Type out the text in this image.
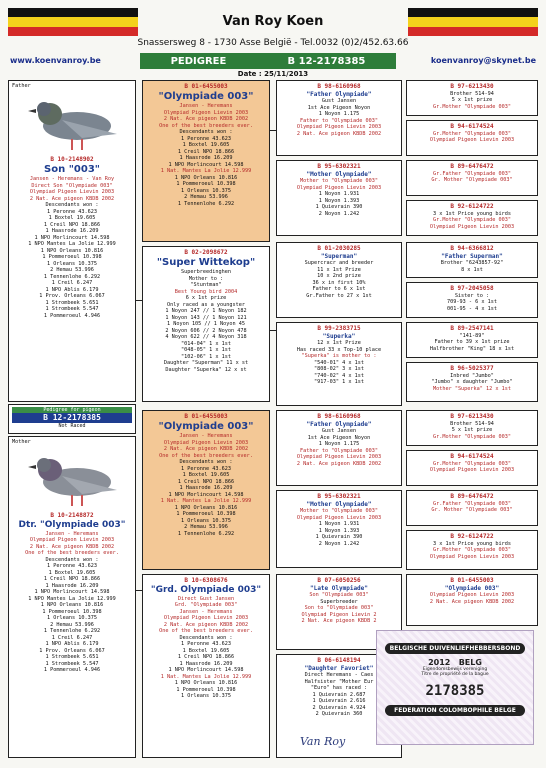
Van Roy Koen
Snassersweg 8 - 1730 Asse België - Tel.0032 (0)2/452.63.66
www.koenvanroy.be	koenvanroy@skynet.be
PEDIGREE	B 12-2178385
Date : 25/11/2013
Father
B 10-2148902
Son "003"
Jansen - Heremans - Van Roy
Direct Son "Olympiade 003"
Olympiad Pigeon Lievin 2003
2 Nat. Ace pigeon KBDB 2002
Descendants won :
1 Peronne 43.623
1 Boxtel 19.605
1 Creil NPO 18.866
1 Haasrode 16.209
1 NPO Morlincourt 14.598
1 NPO Mantes La Jolie 12.999
1 NPO Orleans 10.816
1 Pommeroeul 10.398
1 Orleans 10.375
2 Hemau 53.996
1 Tennenlohe 6.292
1 Creil 6.247
1 NPO Ablis 6.179
1 Prov. Orleans 6.067
1 Strombeek 5.651
1 Strombeek 5.547
1 Pommeroeul 4.946
Pedigree for pigeon
B 12-2178385
Not Raced
Mother
B 10-2148872
Dtr. "Olympiade 003"
Jansen - Heremans
Olympiad Pigeon Lievin 2003
2 Nat. Ace pigeon KBDB 2002
One of the best breeders ever.
Descendants won :
1 Peronne 43.623
1 Boxtel 19.605
1 Creil NPO 18.866
1 Haasrode 16.209
1 NPO Morlincourt 14.598
1 NPO Mantes La Jolie 12.999
1 NPO Orleans 10.816
1 Pommeroeul 10.398
1 Orleans 10.375
2 Hemau 53.996
1 Tennenlohe 6.292
1 Creil 6.247
1 NPO Ablis 6.179
1 Prov. Orleans 6.067
1 Strombeek 5.651
1 Strombeek 5.547
1 Pommeroeul 4.946
B 01-6455003
"Olympiade 003"
Jansen - Heremans
Olympiad Pigeon Lievin 2003
2 Nat. Ace pigeon KBDB 2002
One of the best breeders ever.
Descendants won :
1 Peronne 43.623
1 Boxtel 19.605
1 Creil NPO 18.866
1 Haasrode 16.209
1 NPO Morlincourt 14.598
1 Nat. Mantes La Jolie 12.999
1 NPO Orleans 10.816
1 Pommeroeul 10.398
1 Orleans 10.375
2 Hemau 53.996
1 Tennenlohe 6.292
B 02-2098672
"Super Wittekop"
Superbreedinghen
Mother to :
"Stuntman"
Best Young bird 2004
6 x 1st prize
Only raced as a youngster
1 Noyon 247 // 1 Noyon 182
1 Noyon 143 // 1 Noyon 121
1 Noyon 105 // 1 Noyon 45
2 Noyon 606 // 2 Noyon 478
4 Noyon 622 // 4 Noyon 318
"014-04" 1 x 1st
"048-05" 1 x 1st
"102-06" 1 x 1st
Daughter "Superman" 11 x st
Daughter "Superka" 12 x st
B 01-6455003
"Olympiade 003"
Jansen - Heremans
Olympiad Pigeon Lievin 2003
2 Nat. Ace pigeon KBDB 2002
One of the best breeders ever.
Descendants won :
1 Peronne 43.623
1 Boxtel 19.605
1 Creil NPO 18.866
1 Haasrode 16.209
1 NPO Morlincourt 14.598
1 Nat. Mantes La Jolie 12.999
1 NPO Orleans 10.816
1 Pommeroeul 10.398
1 Orleans 10.375
2 Hemau 53.996
1 Tennenlohe 6.292
B 10-6308676
"Grd. Olympiade 003"
Direct Gust Jansen
Grd. "Olympiade 003"
Jansen - Heremans
Olympiad Pigeon Lievin 2003
2 Nat. Ace pigeon KBDB 2002
One of the best breeders ever.
Descendants won :
1 Peronne 43.623
1 Boxtel 19.605
1 Creil NPO 18.866
1 Haasrode 16.209
1 NPO Morlincourt 14.598
1 Nat. Mantes La Jolie 12.999
1 NPO Orleans 10.816
1 Pommeroeul 10.398
1 Orleans 10.375
B 98-6160968
"Father Olympiade"
Gust Jansen
1st Ace Pigeon Noyon
1 Noyon 1.175
Father to "Olympiade 003"
Olympiad Pigeon Lievin 2003
2 Nat. Ace pigeon KBDB 2002
B 95-6302321
"Mother Olympiade"
Mother to "Olympiade 003"
Olympiad Pigeon Lievin 2003
1 Noyon 1.931
1 Noyon 1.393
1 Quievrain 390
2 Noyon 1.242
B 01-2030285
"Superman"
Supercracr and breeder
11 x 1st Prize
10 x 2nd prize
36 x in first 10%
Father to 6 x 1st
Gr.Father to 27 x 1st
B 99-2383715
"Superka"
12 x 1st Prize
Has raced 33 x Top-10 place
"Superka" is mother to :
"540-01" 4 x 1st
"808-02" 3 x 1st
"740-02" 4 x 1st
"917-03" 1 x 1st
B 98-6160968
"Father Olympiade"
Gust Jansen
1st Ace Pigeon Noyon
1 Noyon 1.175
Father to "Olympiade 003"
Olympiad Pigeon Lievin 2003
2 Nat. Ace pigeon KBDB 2002
B 95-6302321
"Mother Olympiade"
Mother to "Olympiade 003"
Olympiad Pigeon Lievin 2003
1 Noyon 1.931
1 Noyon 1.393
1 Quievrain 390
2 Noyon 1.242
B 07-6050256
"Late Olympiade"
Son "Olympiade 003"
Superbreeder
Son to "Olympiade 003"
Olympiad Pigeon Lievin 2
2 Nat. Ace pigeon KBDB 2
B 06-6148194
"Daughter Favoriet"
Direct Heremans - Caes
Halfsister "Mother Eur
"Euro" has raced :
1 Quievrain 2.687
1 Quievrain 2.616
2 Quievrain 4.924
2 Quievrain 360
B 97-6213430
Brother 514-94
5 x 1st prize
Gr.Mother "Olympiade 003"
B 94-6174524
Gr.Mother "Olympiade 003"
Olympiad Pigeon Lievin 2003
B 89-6476472
Gr.Father "Olympiade 003"
Gr. Mother "Olympiade 003"
B 92-6124722
3 x 1st Price young birds
Gr.Mother "Olympiade 003"
Olympiad Pigeon Lievin 2003
B 94-6366812
"Father Superman"
Brother "6243857-92"
8 x 1st
B 97-2045058
Sister to :
709-93 - 6 x 1st
001-95 - 4 x 1st
B 89-2547141
"141-89"
Father to 39 x 1st prize
Halfbrother "King" 18 x 1st
B 96-5025377
Inbred "Jumbo"
"Jumbo" x daughter "Jumbo"
Mother "Superka" 12 x 1st
B 97-6213430
Brother 514-94
5 x 1st prize
Gr.Mother "Olympiade 003"
B 94-6174524
Gr.Mother "Olympiade 003"
Olympiad Pigeon Lievin 2003
B 89-6476472
Gr.Father "Olympiade 003"
Gr. Mother "Olympiade 003"
B 92-6124722
3 x 1st Price young birds
Gr.Mother "Olympiade 003"
Olympiad Pigeon Lievin 2003
B 01-6455003
"Olympiade 003"
Olympiad Pigeon Lievin 2003
2 Nat. Ace pigeon KBDB 2002
BELGISCHE DUIVENLIEFHEBBERSBOND
2012 BELG
Eigendomsbewijs vereniging
Titre de propriété de la bague
2178385
FEDERATION COLOMBOPHILE BELGE
Van Roy
